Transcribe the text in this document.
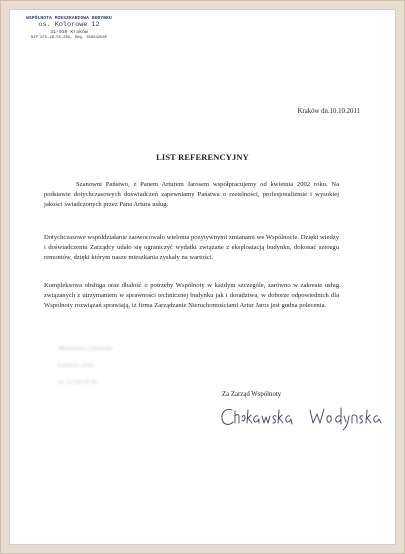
WSPÓLNOTA MIESZKANIOWA BUDYNKU
os. Kolorowe 12
31-939 Kraków
NIP 675-28-55-255, Reg. 356842565
Kraków dn.10.10.2011
LIST REFERENCYJNY

Szanowni Państwo, z Panem Arturem Jarosem współpracujemy od kwietnia 2002 roku. Na podstawie dotychczasowych doświadczeń zapewniamy Państwa o rzetelności, profesjonalizmie i wysokiej jakości świadczonych przez Pana Artura usług.

Dotychczasowe współdziałanie zaowocowało wieloma pozytywnymi zmianami we Wspólnocie. Dzięki wiedzy i doświadczeniu Zarządcy udało się ograniczyć wydatki związane z eksploatacją budynku, dokonać szeregu remontów, dzięki którym nasze mieszkania zyskały na wartości.

Kompleksowa obsługa oraz dbałość o potrzeby Wspólnoty w każdym szczególe, zarówno w zakresie usług związanych z utrzymaniem w sprawności technicznej budynku jak i doradztwa, w doborze odpowiednich dla Wspólnoty rozwiązań sprawiają, iż firma Zarządzanie Nieruchomościami Artur Jaros jest godna polecenia.

Władysława Ciekawska
Kolorowe 12/49
tel. 12 666 45 95
Za Zarząd Wspólnoty
